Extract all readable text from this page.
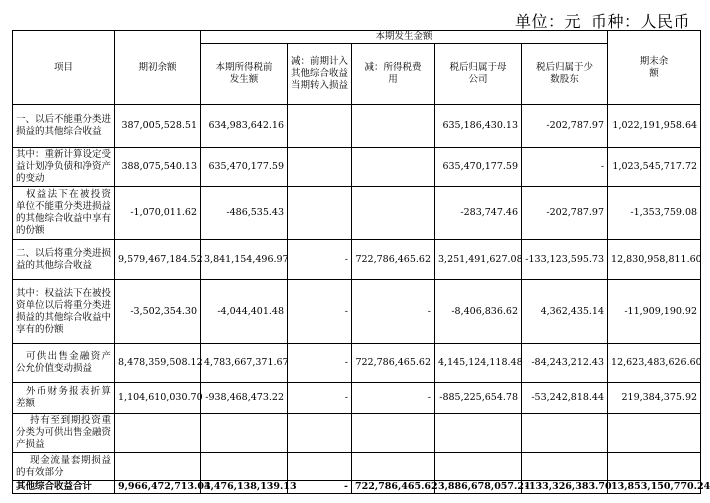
单位：元 币种：人民币
项目	期初余额	本期发生金额					期末余额
		本期所得税前发生额	减：前期计入其他综合收益当期转入损益	减：所得税费用	税后归属于母公司	税后归属于少数股东	
一、以后不能重分类进损益的其他综合收益	387,005,528.51	634,983,642.16			635,186,430.13	-202,787.97	1,022,191,958.64
其中：重新计算设定受益计划净负债和净资产的变动	388,075,540.13	635,470,177.59			635,470,177.59	-	1,023,545,717.72
权益法下在被投资单位不能重分类进损益的其他综合收益中享有的份额	-1,070,011.62	-486,535.43			-283,747.46	-202,787.97	-1,353,759.08
二、以后将重分类进损益的其他综合收益	9,579,467,184.52	3,841,154,496.97	-	722,786,465.62	3,251,491,627.08	-133,123,595.73	12,830,958,811.60
其中：权益法下在被投资单位以后将重分类进损益的其他综合收益中享有的份额	-3,502,354.30	-4,044,401.48	-	-	-8,406,836.62	4,362,435.14	-11,909,190.92
可供出售金融资产公允价值变动损益	8,478,359,508.12	4,783,667,371.67	-	722,786,465.62	4,145,124,118.48	-84,243,212.43	12,623,483,626.60
外币财务报表折算差额	1,104,610,030.70	-938,468,473.22	-	-	-885,225,654.78	-53,242,818.44	219,384,375.92
持有至到期投资重分类为可供出售金融资产损益							
现金流量套期损益的有效部分							
其他综合收益合计	9,966,472,713.03	4,476,138,139.13	-	722,786,465.62	3,886,678,057.21	-133,326,383.70	13,853,150,770.24
